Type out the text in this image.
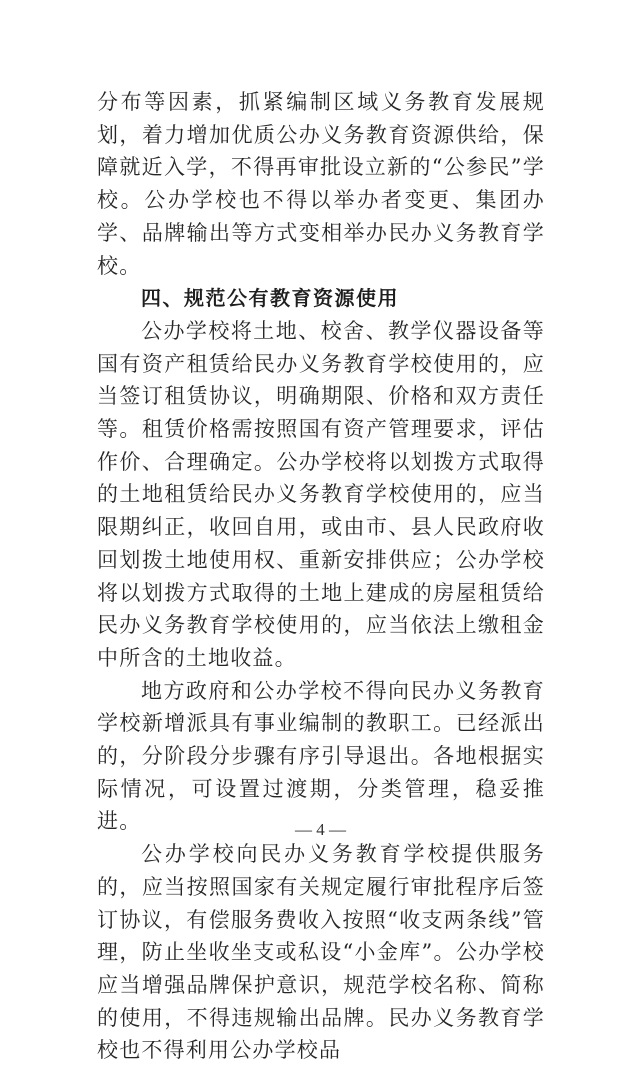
分布等因素，抓紧编制区域义务教育发展规划，着力增加优质公办义务教育资源供给，保障就近入学，不得再审批设立新的“公参民”学校。公办学校也不得以举办者变更、集团办学、品牌输出等方式变相举办民办义务教育学校。

四、规范公有教育资源使用

公办学校将土地、校舍、教学仪器设备等国有资产租赁给民办义务教育学校使用的，应当签订租赁协议，明确期限、价格和双方责任等。租赁价格需按照国有资产管理要求，评估作价、合理确定。公办学校将以划拨方式取得的土地租赁给民办义务教育学校使用的，应当限期纠正，收回自用，或由市、县人民政府收回划拨土地使用权、重新安排供应；公办学校将以划拨方式取得的土地上建成的房屋租赁给民办义务教育学校使用的，应当依法上缴租金中所含的土地收益。

地方政府和公办学校不得向民办义务教育学校新增派具有事业编制的教职工。已经派出的，分阶段分步骤有序引导退出。各地根据实际情况，可设置过渡期，分类管理，稳妥推进。

公办学校向民办义务教育学校提供服务的，应当按照国家有关规定履行审批程序后签订协议，有偿服务费收入按照“收支两条线”管理，防止坐收坐支或私设“小金库”。公办学校应当增强品牌保护意识，规范学校名称、简称的使用，不得违规输出品牌。民办义务教育学校也不得利用公办学校品

— 4 —
